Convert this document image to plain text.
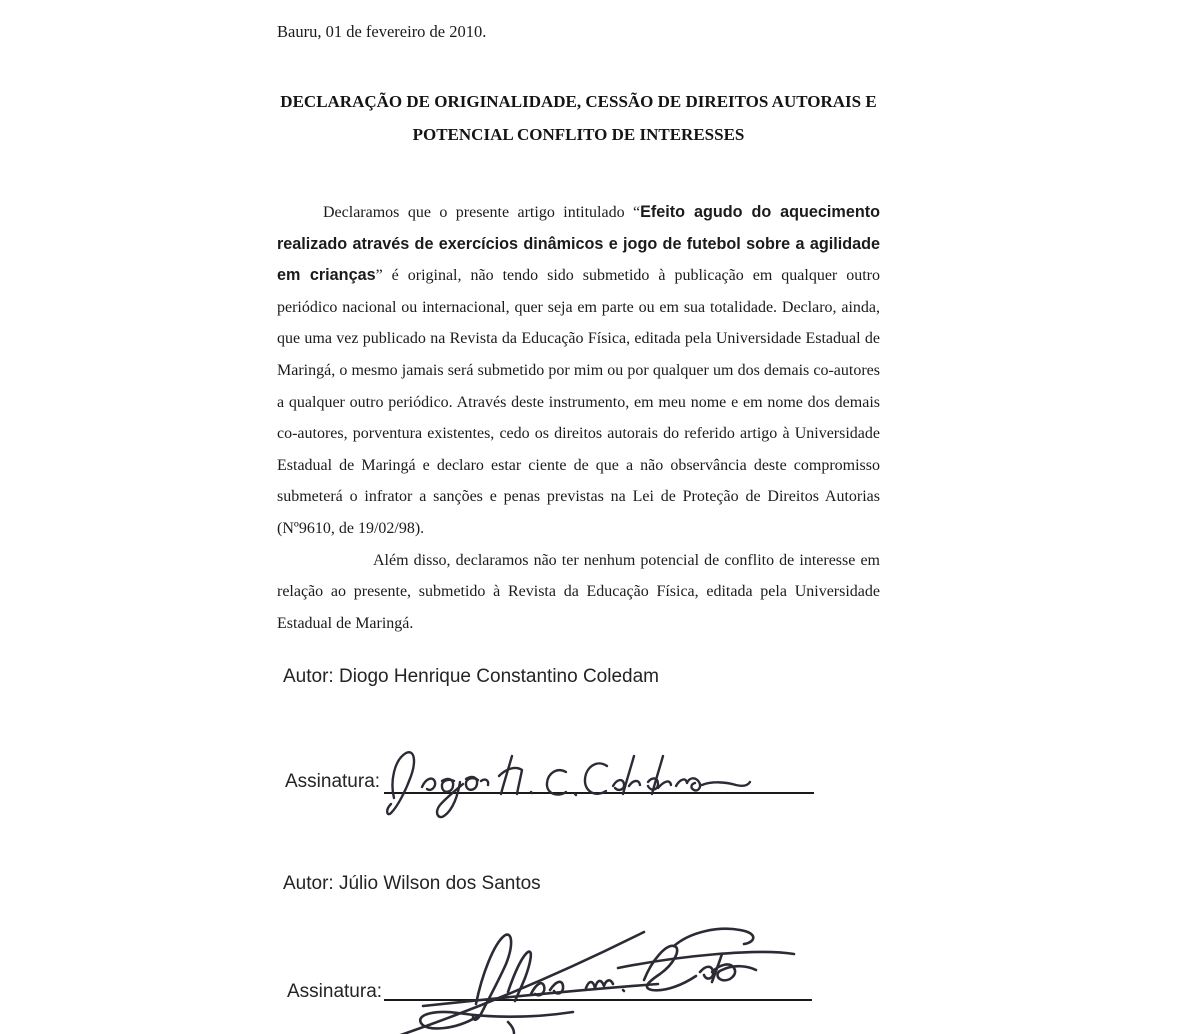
Bauru, 01 de fevereiro de 2010.
DECLARAÇÃO DE ORIGINALIDADE, CESSÃO DE DIREITOS AUTORAIS E
POTENCIAL CONFLITO DE INTERESSES

Declaramos que o presente artigo intitulado “Efeito agudo do aquecimento realizado através de exercícios dinâmicos e jogo de futebol sobre a agilidade em crianças” é original, não tendo sido submetido à publicação em qualquer outro periódico nacional ou internacional, quer seja em parte ou em sua totalidade. Declaro, ainda, que uma vez publicado na Revista da Educação Física, editada pela Universidade Estadual de Maringá, o mesmo jamais será submetido por mim ou por qualquer um dos demais co-autores a qualquer outro periódico. Através deste instrumento, em meu nome e em nome dos demais co-autores, porventura existentes, cedo os direitos autorais do referido artigo à Universidade Estadual de Maringá e declaro estar ciente de que a não observância deste compromisso submeterá o infrator a sanções e penas previstas na Lei de Proteção de Direitos Autorias (Nº9610, de 19/02/98).

Além disso, declaramos não ter nenhum potencial de conflito de interesse em relação ao presente, submetido à Revista da Educação Física, editada pela Universidade Estadual de Maringá.

Autor: Diogo Henrique Constantino Coledam
Assinatura:
Autor: Júlio Wilson dos Santos
Assinatura:
